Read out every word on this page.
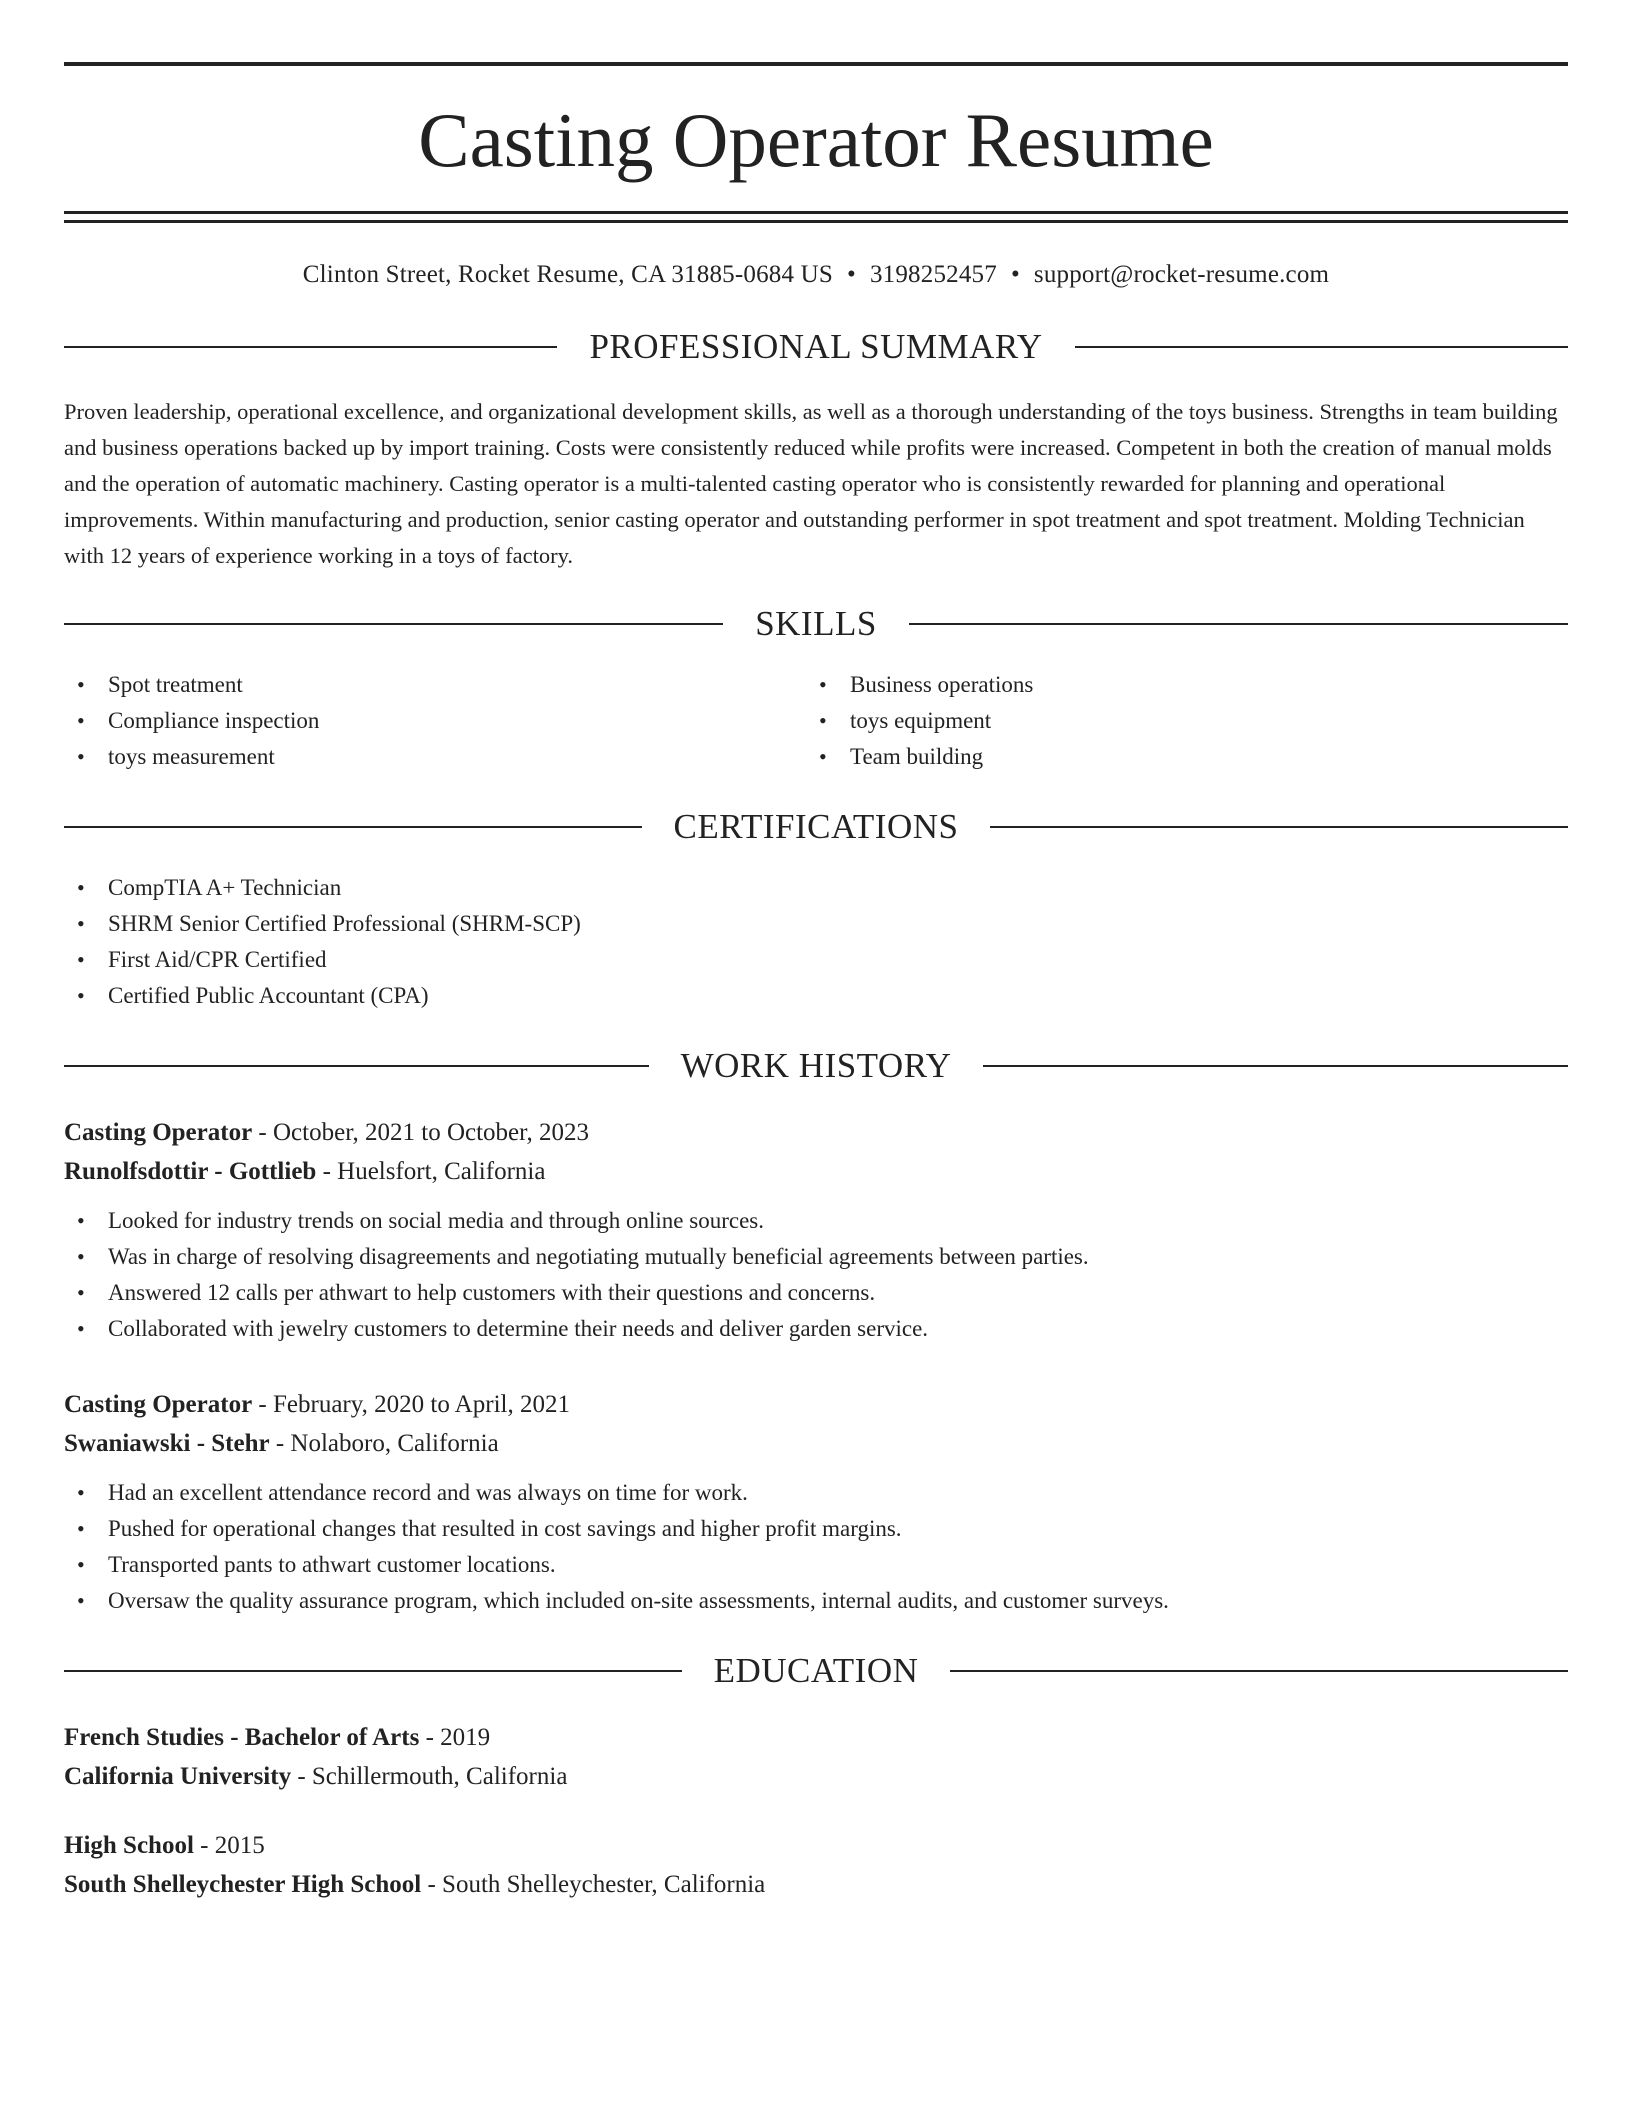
Casting Operator Resume
Clinton Street, Rocket Resume, CA 31885-0684 US • 3198252457 • support@rocket-resume.com
PROFESSIONAL SUMMARY
Proven leadership, operational excellence, and organizational development skills, as well as a thorough understanding of the toys business. Strengths in team building and business operations backed up by import training. Costs were consistently reduced while profits were increased. Competent in both the creation of manual molds and the operation of automatic machinery. Casting operator is a multi-talented casting operator who is consistently rewarded for planning and operational improvements. Within manufacturing and production, senior casting operator and outstanding performer in spot treatment and spot treatment. Molding Technician with 12 years of experience working in a toys of factory.
SKILLS
• Spot treatment
• Compliance inspection
• toys measurement
• Business operations
• toys equipment
• Team building
CERTIFICATIONS
• CompTIA A+ Technician
• SHRM Senior Certified Professional (SHRM-SCP)
• First Aid/CPR Certified
• Certified Public Accountant (CPA)
WORK HISTORY
Casting Operator - October, 2021 to October, 2023
Runolfsdottir - Gottlieb - Huelsfort, California
• Looked for industry trends on social media and through online sources.
• Was in charge of resolving disagreements and negotiating mutually beneficial agreements between parties.
• Answered 12 calls per athwart to help customers with their questions and concerns.
• Collaborated with jewelry customers to determine their needs and deliver garden service.
Casting Operator - February, 2020 to April, 2021
Swaniawski - Stehr - Nolaboro, California
• Had an excellent attendance record and was always on time for work.
• Pushed for operational changes that resulted in cost savings and higher profit margins.
• Transported pants to athwart customer locations.
• Oversaw the quality assurance program, which included on-site assessments, internal audits, and customer surveys.
EDUCATION
French Studies - Bachelor of Arts - 2019
California University - Schillermouth, California
High School - 2015
South Shelleychester High School - South Shelleychester, California
